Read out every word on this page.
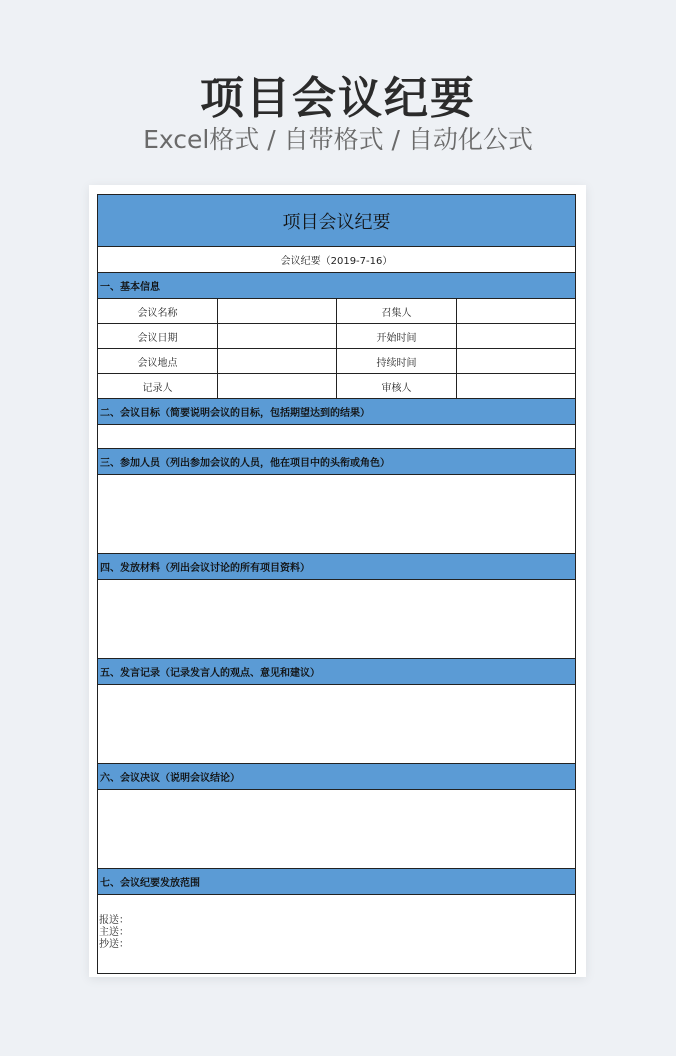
项目会议纪要
Excel格式 / 自带格式 / 自动化公式
项目会议纪要
会议纪要（2019-7-16）
一、基本信息
会议名称	召集人
会议日期	开始时间
会议地点	持续时间
记录人	审核人
二、会议目标（简要说明会议的目标，包括期望达到的结果）
三、参加人员（列出参加会议的人员，他在项目中的头衔或角色）
四、发放材料（列出会议讨论的所有项目资料）
五、发言记录（记录发言人的观点、意见和建议）
六、会议决议（说明会议结论）
七、会议纪要发放范围
报送：
主送：
抄送：
